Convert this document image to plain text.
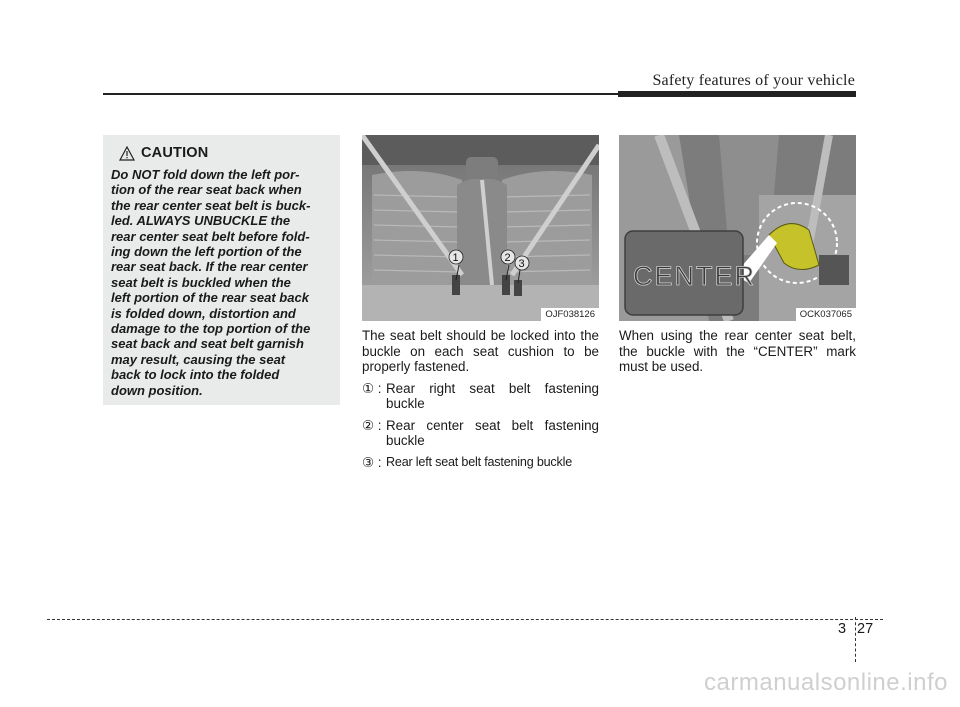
Safety features of your vehicle
CAUTION
Do NOT fold down the left por-
tion of the rear seat back when
the rear center seat belt is buck-
led. ALWAYS UNBUCKLE the
rear center seat belt before fold-
ing down the left portion of the
rear seat back. If the rear center
seat belt is buckled when the
left portion of the rear seat back
is folded down, distortion and
damage to the top portion of the
seat back and seat belt garnish
may result, causing the seat
back to lock into the folded
down position.
1	2 3
OJF038126
CENTER
OCK037065

The seat belt should be locked into the buckle on each seat cushion to be properly fastened.

① : Rear right seat belt fastening buckle
② : Rear center seat belt fastening buckle
③ : Rear left seat belt fastening buckle

When using the rear center seat belt, the buckle with the “CENTER” mark must be used.

3 27
carmanualsonline.info
